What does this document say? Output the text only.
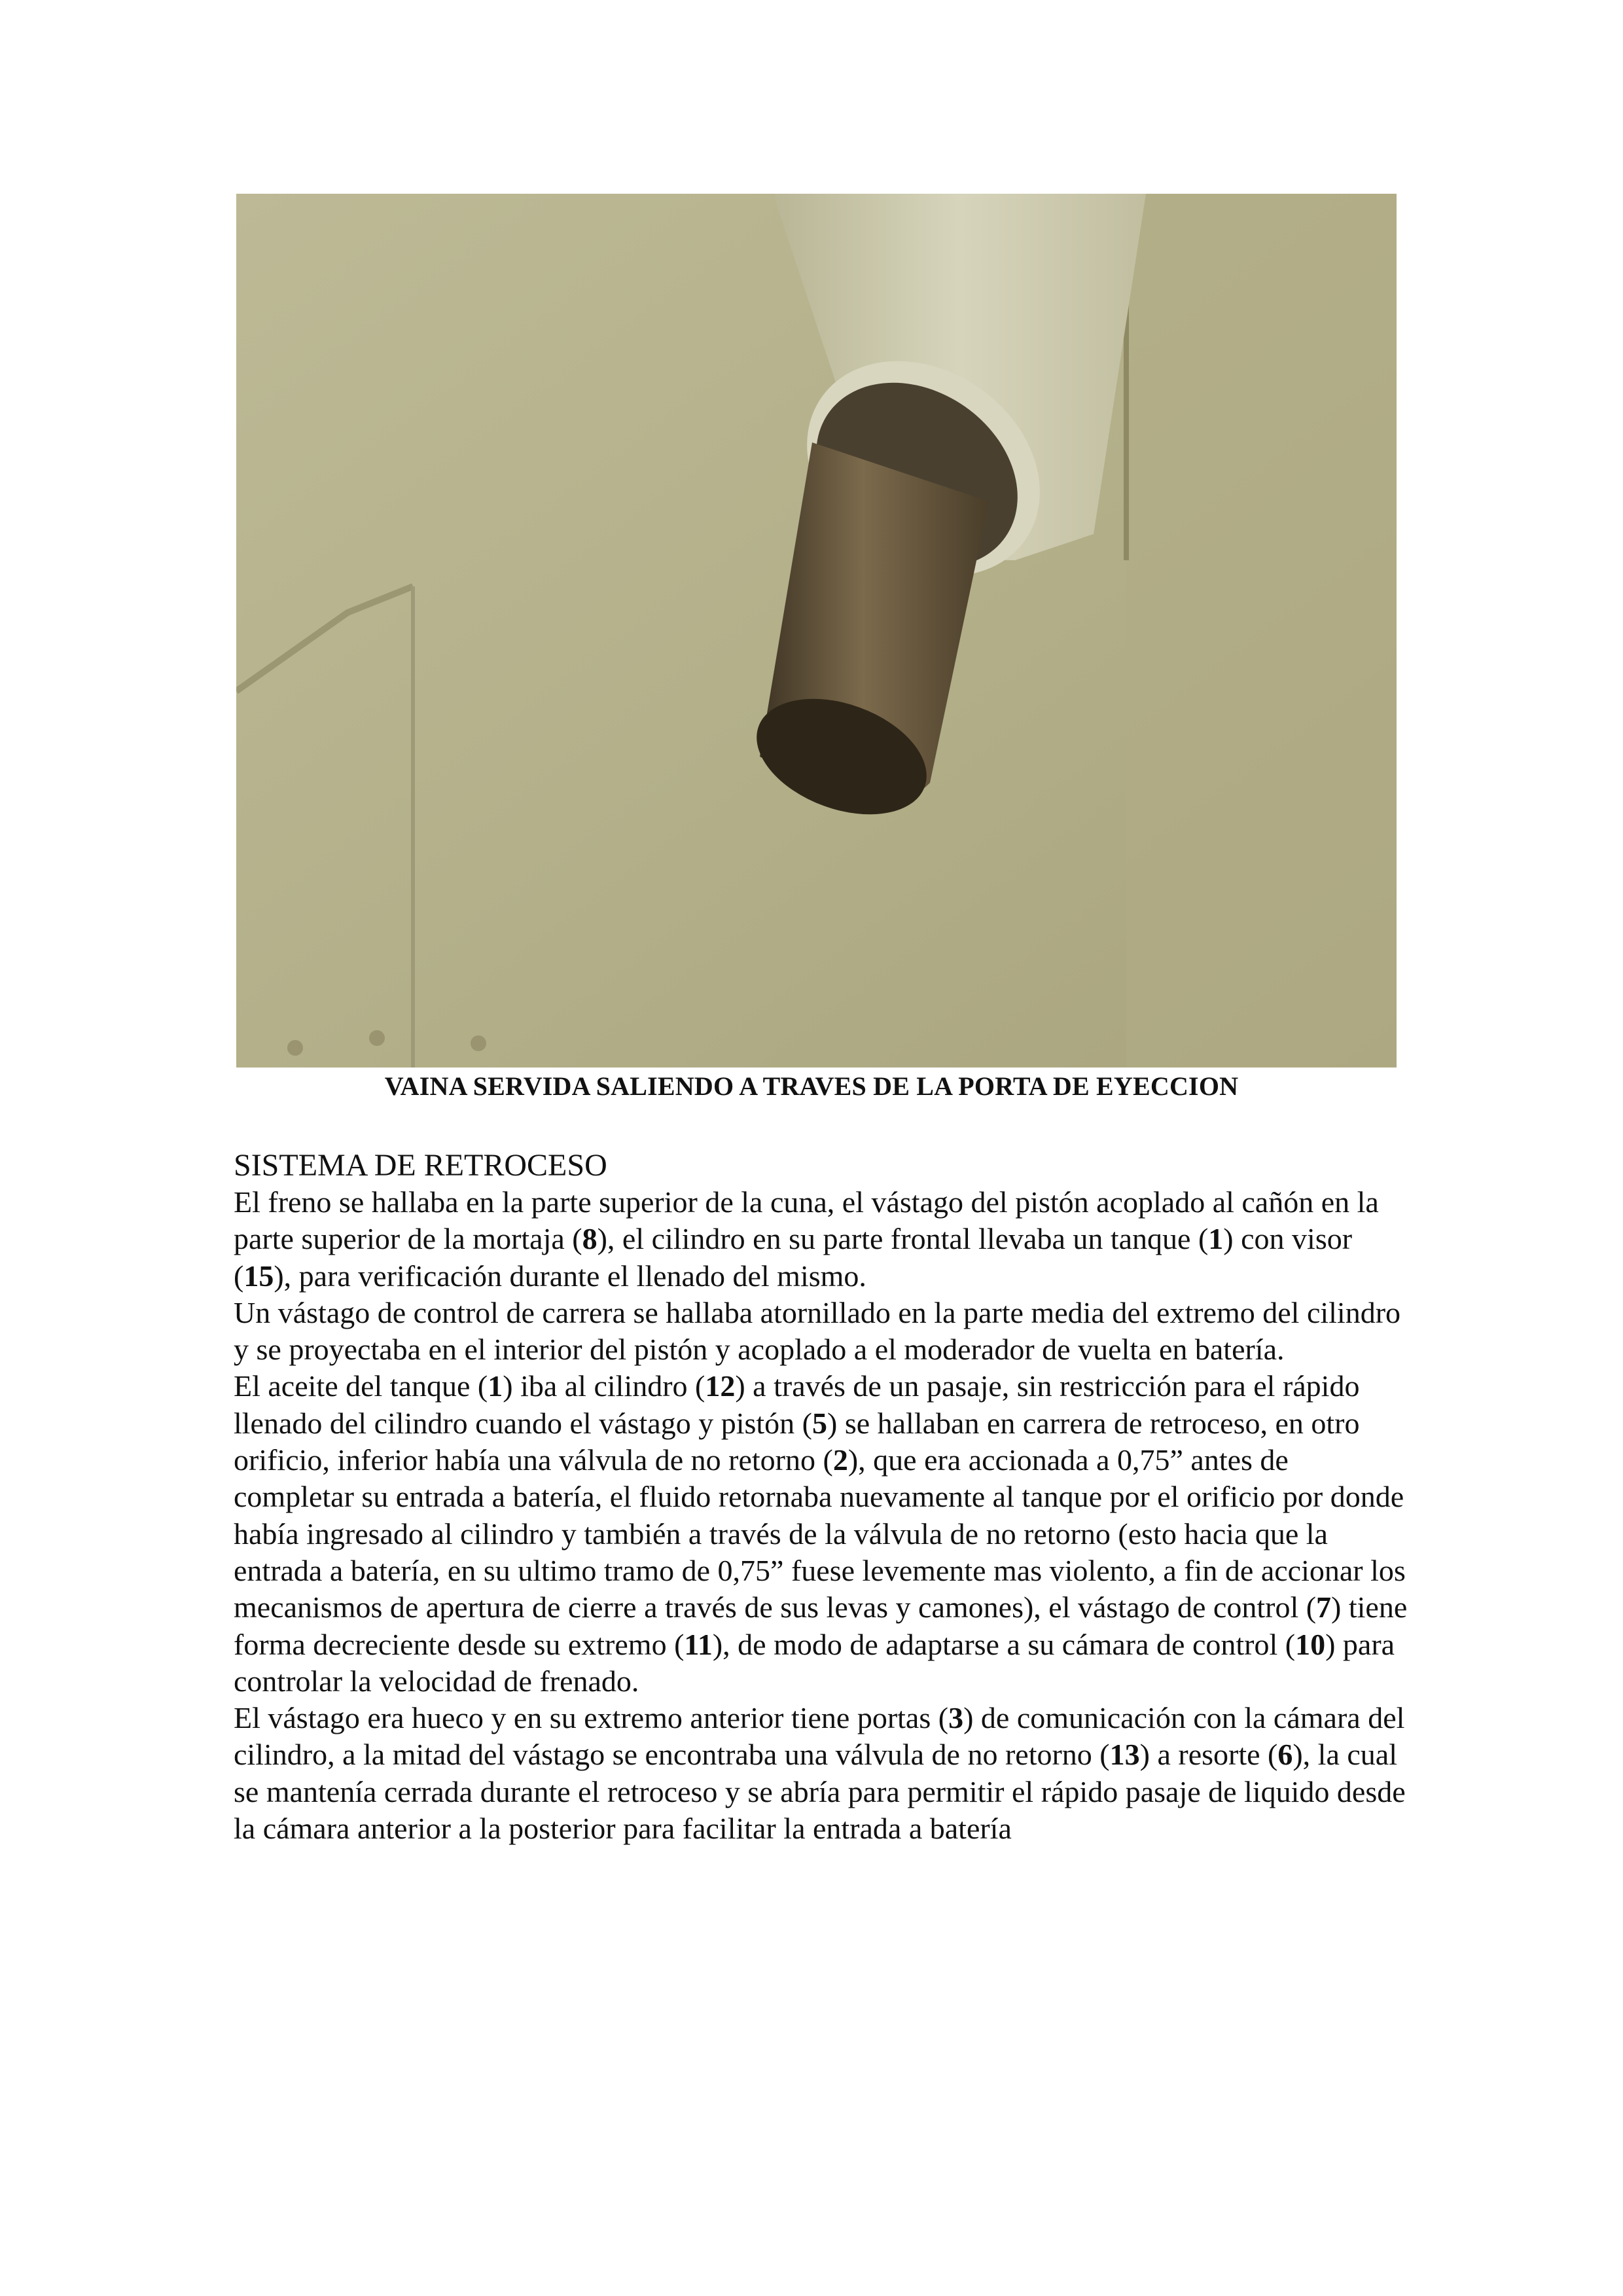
VAINA SERVIDA SALIENDO A TRAVES DE LA PORTA DE EYECCION
SISTEMA DE RETROCESO

El freno se hallaba en la parte superior de la cuna, el vástago del pistón acoplado al cañón en la parte superior de la mortaja (8), el cilindro en su parte frontal llevaba un tanque (1) con visor (15), para verificación durante el llenado del mismo.

Un vástago de control de carrera se hallaba atornillado en la parte media del extremo del cilindro y se proyectaba en el interior del pistón y acoplado a el moderador de vuelta en batería.

El aceite del tanque (1) iba al cilindro (12) a través de un pasaje, sin restricción para el rápido llenado del cilindro cuando el vástago y pistón (5) se hallaban en carrera de retroceso, en otro orificio, inferior había una válvula de no retorno (2), que era accionada a 0,75” antes de completar su entrada a batería, el fluido retornaba nuevamente al tanque por el orificio por donde había ingresado al cilindro y también a través de la válvula de no retorno (esto hacia que la entrada a batería, en su ultimo tramo de 0,75” fuese levemente mas violento, a fin de accionar los mecanismos de apertura de cierre a través de sus levas y camones), el vástago de control (7) tiene forma decreciente desde su extremo (11), de modo de adaptarse a su cámara de control (10) para controlar la velocidad de frenado.

El vástago era hueco y en su extremo anterior tiene portas (3) de comunicación con la cámara del cilindro, a la mitad del vástago se encontraba una válvula de no retorno (13) a resorte (6), la cual se mantenía cerrada durante el retroceso y se abría para permitir el rápido pasaje de liquido desde la cámara anterior a la posterior para facilitar la entrada a batería
